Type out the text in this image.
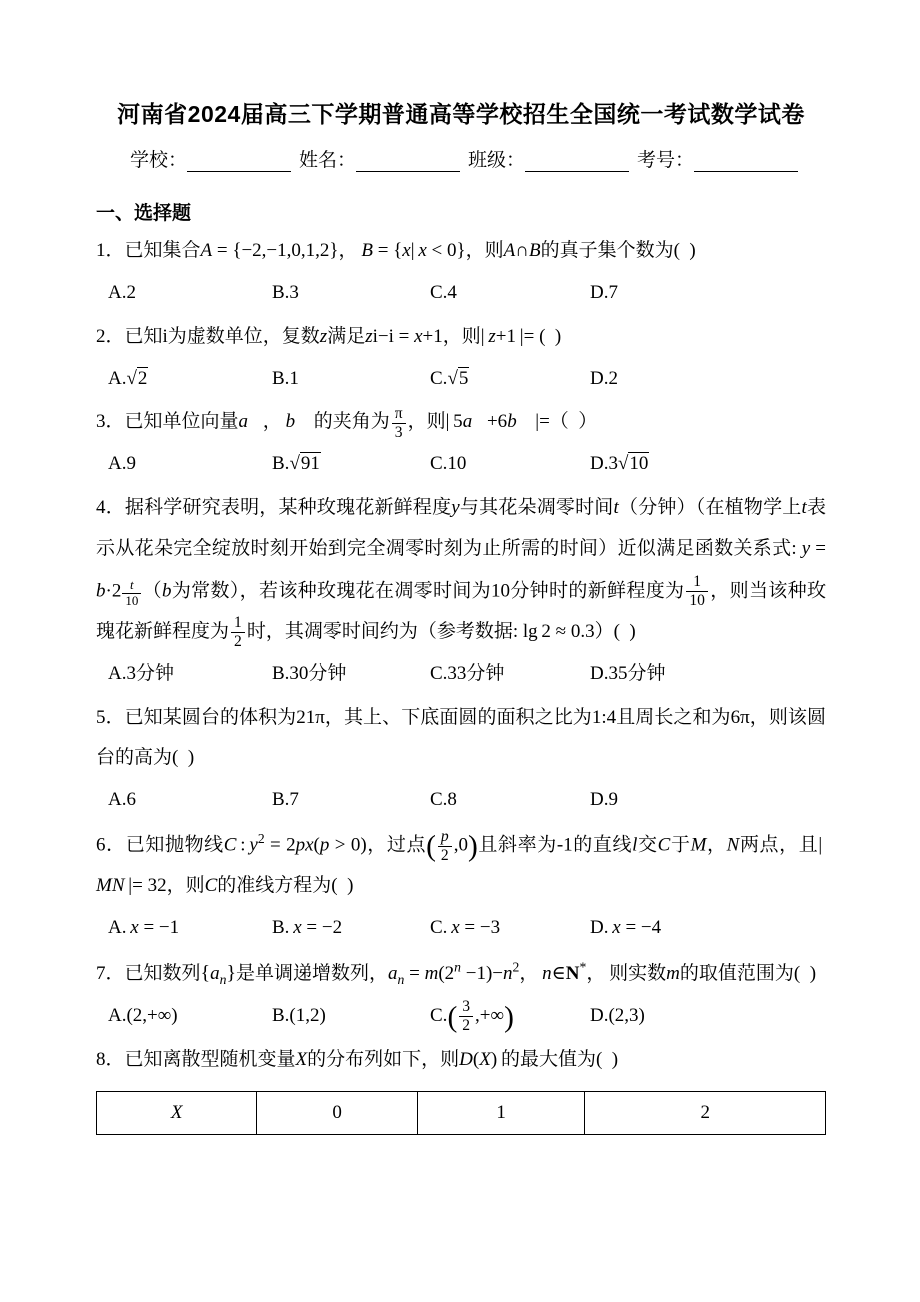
河南省2024届高三下学期普通高等学校招生全国统一考试数学试卷
学校：	姓名：	班级：	考号：
一、选择题

1．已知集合A = {−2,−1,0,1,2}， B = {x| x < 0}，则A∩B的真子集个数为(  )

A.2	B.3	C.4	D.7

2．已知i为虚数单位，复数z满足zi−i = x+1，则| z+1 |= (  )

A.√2	B.1	C.√5	D.2

3．已知单位向量a⃗， b⃗ 的夹角为 $\frac{\pi}{3}$ ，则| 5a⃗+6b⃗ |=（  ）

A.9	B.√91	C.10	D.3√10

4．据科学研究表明，某种玫瑰花新鲜程度y与其花朵凋零时间t（分钟）（在植物学上t表示从花朵完全绽放时刻开始到完全凋零时刻为止所需的时间）近似满足函数关系式: y = b·2 $^{\frac{t}{10}}$ （b为常数），若该种玫瑰花在凋零时间为10分钟时的新鲜程度为 $\frac{1}{10}$ ，则当该种玫瑰花新鲜程度为 $\frac{1}{2}$ 时，其凋零时间约为（参考数据: lg 2 ≈ 0.3）(  )

A.3分钟	B.30分钟	C.33分钟	D.35分钟

5．已知某圆台的体积为21π，其上、下底面圆的面积之比为1:4且周长之和为6π，则该圆台的高为(  )

A.6	B.7	C.8	D.9

6．已知抛物线C : $y^2 = 2px(p > 0)$，过点( $\frac{p}{2} ,0$)且斜率为-1的直线l交C于M，N两点，且| MN |= 32，则C的准线方程为(  )

A. x = −1	B. x = −2	C. x = −3	D. x = −4

7．已知数列$\{a_n\}$是单调递增数列，$a_n = m(2^n -1)-n^2$， n∈N*， 则实数m的取值范围为(  )

A.(2,+∞)	B.(1,2)	$C.( \frac{3}{2}$ ,+∞)	D.(2,3)

8．已知离散型随机变量X的分布列如下，则D(X) 的最大值为(  )

X	0	1	2
